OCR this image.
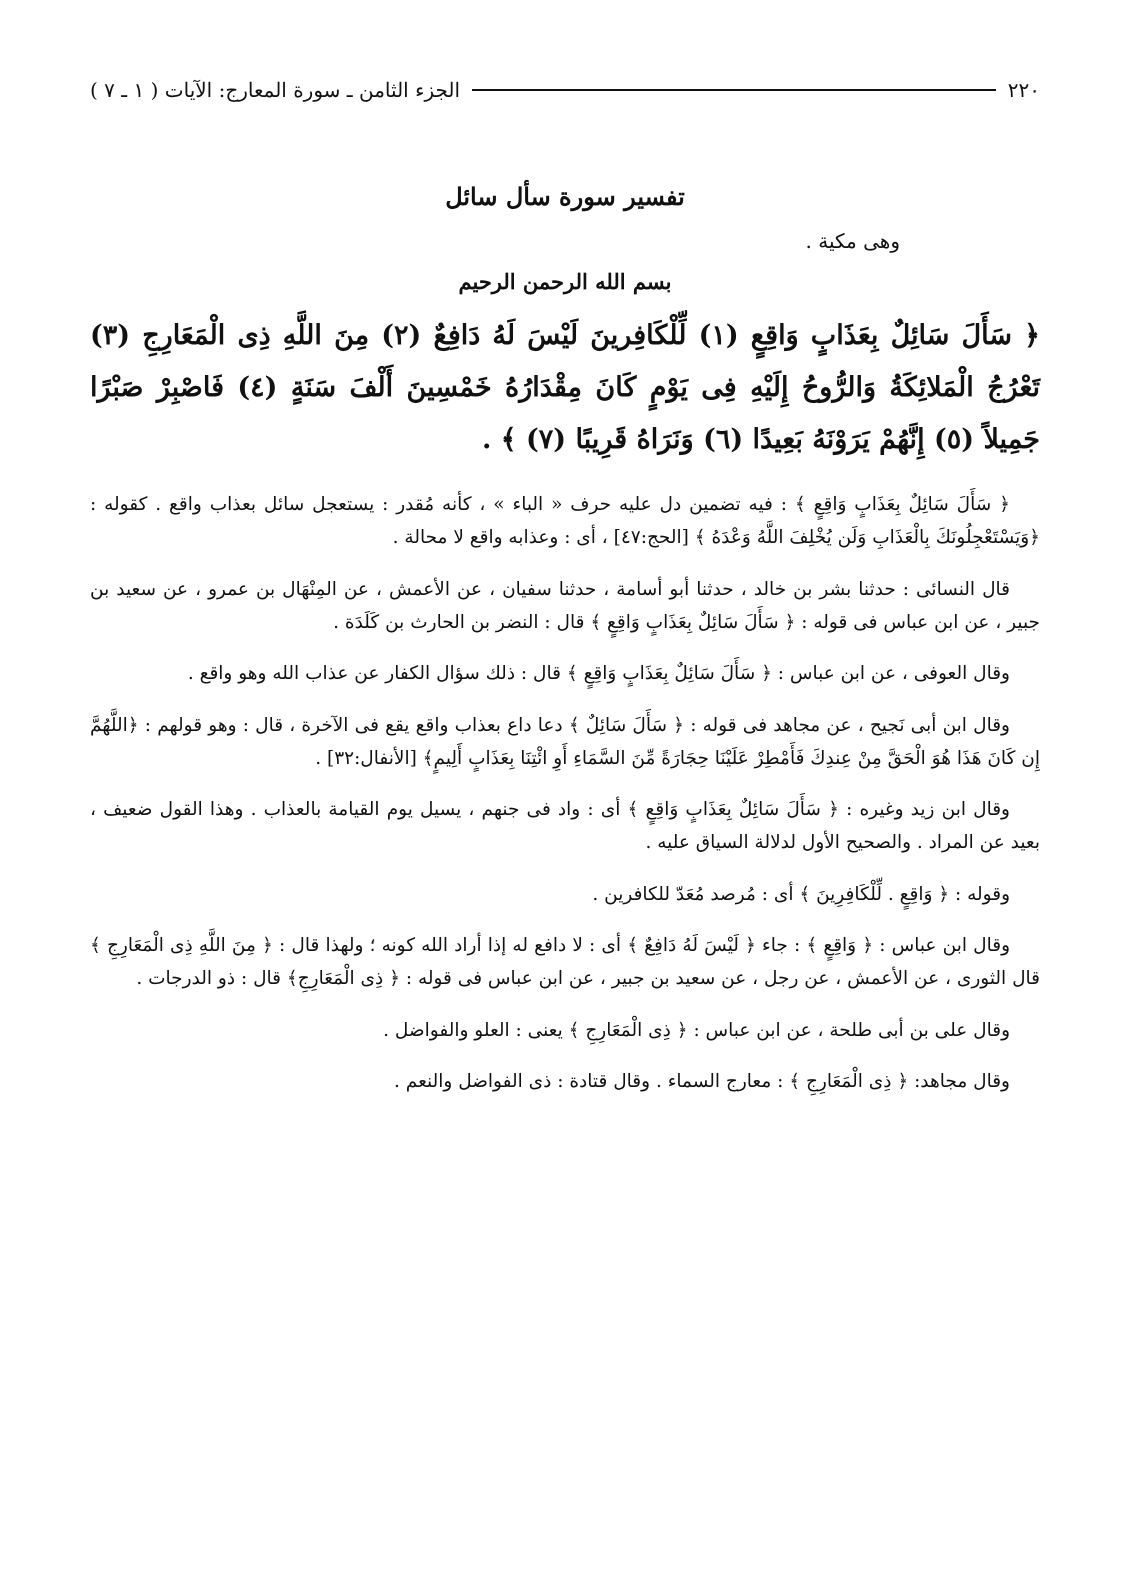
٢٢٠
الجزء الثامن ـ سورة المعارج: الآيات ( ١ ـ ٧ )
تفسير سورة سأل سائل
وهى مكية .
بسم الله الرحمن الرحيم
﴿ سَأَلَ سَائِلٌ بِعَذَابٍ وَاقِعٍ (١) لِّلْكَافِرينَ لَيْسَ لَهُ دَافِعٌ (٢) مِنَ اللَّهِ ذِى الْمَعَارِجِ (٣) تَعْرُجُ الْمَلائِكَةُ وَالرُّوحُ إِلَيْهِ فِى يَوْمٍ كَانَ مِقْدَارُهُ خَمْسِينَ أَلْفَ سَنَةٍ (٤) فَاصْبِرْ صَبْرًا جَمِيلاً (٥) إِنَّهُمْ يَرَوْنَهُ بَعِيدًا (٦) وَنَرَاهُ قَرِيبًا (٧) ﴾ .

﴿ سَأَلَ سَائِلٌ بِعَذَابٍ وَاقِعٍ ﴾ : فيه تضمين دل عليه حرف « الباء » ، كأنه مُقدر : يستعجل سائل بعذاب واقع . كقوله : ﴿وَيَسْتَعْجِلُونَكَ بِالْعَذَابِ وَلَن يُخْلِفَ اللَّهُ وَعْدَهُ ﴾ [الحج:٤٧] ، أى : وعذابه واقع لا محالة .

قال النسائى : حدثنا بشر بن خالد ، حدثنا أبو أسامة ، حدثنا سفيان ، عن الأعمش ، عن المِنْهَال بن عمرو ، عن سعيد بن جبير ، عن ابن عباس فى قوله : ﴿ سَأَلَ سَائِلٌ بِعَذَابٍ وَاقِعٍ ﴾ قال : النضر بن الحارث بن كَلَدَة .

وقال العوفى ، عن ابن عباس : ﴿ سَأَلَ سَائِلٌ بِعَذَابٍ وَاقِعٍ ﴾ قال : ذلك سؤال الكفار عن عذاب الله وهو واقع .

وقال ابن أبى نَجيح ، عن مجاهد فى قوله : ﴿ سَأَلَ سَائِلٌ ﴾ دعا داع بعذاب واقع يقع فى الآخرة ، قال : وهو قولهم : ﴿اللَّهُمَّ إِن كَانَ هَذَا هُوَ الْحَقَّ مِنْ عِندِكَ فَأَمْطِرْ عَلَيْنَا حِجَارَةً مِّنَ السَّمَاءِ أَوِ ائْتِنَا بِعَذَابٍ أَلِيمٍ﴾ [الأنفال:٣٢] .

وقال ابن زيد وغيره : ﴿ سَأَلَ سَائِلٌ بِعَذَابٍ وَاقِعٍ ﴾ أى : واد فى جنهم ، يسيل يوم القيامة بالعذاب . وهذا القول ضعيف ، بعيد عن المراد . والصحيح الأول لدلالة السياق عليه .

وقوله : ﴿ وَاقِعٍ . لِّلْكَافِرِينَ ﴾ أى : مُرصد مُعَدّ للكافرين .

وقال ابن عباس : ﴿ وَاقِعٍ ﴾ : جاء ﴿ لَيْسَ لَهُ دَافِعٌ ﴾ أى : لا دافع له إذا أراد الله كونه ؛ ولهذا قال : ﴿ مِنَ اللَّهِ ذِى الْمَعَارِجِ ﴾ قال الثورى ، عن الأعمش ، عن رجل ، عن سعيد بن جبير ، عن ابن عباس فى قوله : ﴿ ذِى الْمَعَارِجِ﴾ قال : ذو الدرجات .

وقال على بن أبى طلحة ، عن ابن عباس : ﴿ ذِى الْمَعَارِجِ ﴾ يعنى : العلو والفواضل .

وقال مجاهد: ﴿ ذِى الْمَعَارِجِ ﴾ : معارج السماء . وقال قتادة : ذى الفواضل والنعم .
